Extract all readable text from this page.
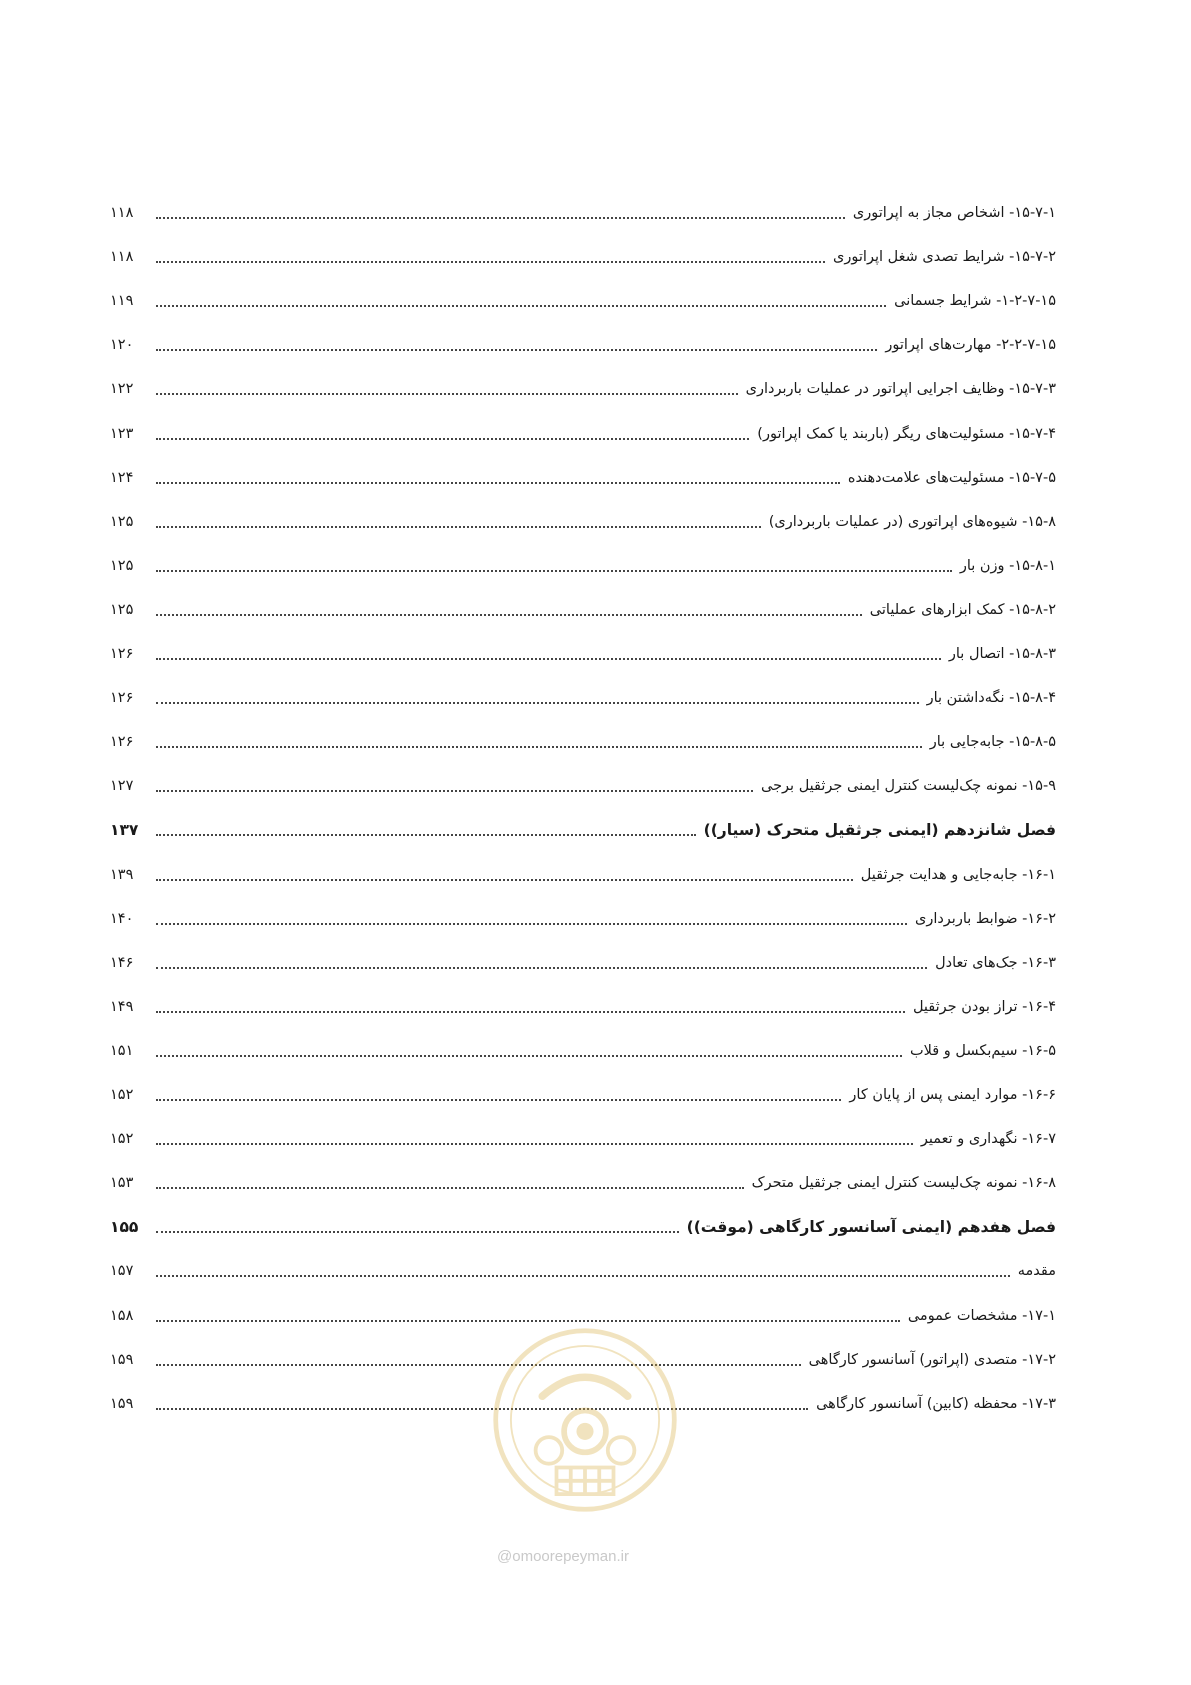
۱۵-۷-۱- اشخاص مجاز به اپراتوری
۱۱۸
۱۵-۷-۲- شرایط تصدی شغل اپراتوری
۱۱۸
۱-۲-۷-۱۵- شرایط جسمانی
۱۱۹
۲-۲-۷-۱۵- مهارت‌های اپراتور
۱۲۰
۱۵-۷-۳- وظایف اجرایی اپراتور در عملیات باربرداری
۱۲۲
۱۵-۷-۴- مسئولیت‌های ریگر (باربند یا کمک اپراتور)
۱۲۳
۱۵-۷-۵- مسئولیت‌های علامت‌دهنده
۱۲۴
۱۵-۸- شیوه‌های اپراتوری (در عملیات باربرداری)
۱۲۵
۱۵-۸-۱- وزن بار
۱۲۵
۱۵-۸-۲- کمک ابزارهای عملیاتی
۱۲۵
۱۵-۸-۳- اتصال بار
۱۲۶
۱۵-۸-۴- نگه‌داشتن بار
۱۲۶
۱۵-۸-۵- جابه‌جایی بار
۱۲۶
۱۵-۹- نمونه چک‌لیست کنترل ایمنی جرثقیل برجی
۱۲۷
فصل شانزدهم (ایمنی جرثقیل متحرک (سیار))
۱۳۷
۱۶-۱- جابه‌جایی و هدایت جرثقیل
۱۳۹
۱۶-۲- ضوابط باربرداری
۱۴۰
۱۶-۳- جک‌های تعادل
۱۴۶
۱۶-۴- تراز بودن جرثقیل
۱۴۹
۱۶-۵- سیم‌بکسل و قلاب
۱۵۱
۱۶-۶- موارد ایمنی پس از پایان کار
۱۵۲
۱۶-۷- نگهداری و تعمیر
۱۵۲
۱۶-۸- نمونه چک‌لیست کنترل ایمنی جرثقیل متحرک
۱۵۳
فصل هفدهم (ایمنی آسانسور کارگاهی (موقت))
۱۵۵
مقدمه
۱۵۷
۱۷-۱- مشخصات عمومی
۱۵۸
۱۷-۲- متصدی (اپراتور) آسانسور کارگاهی
۱۵۹
۱۷-۳- محفظه (کابین) آسانسور کارگاهی
۱۵۹
@omoorepeyman.ir
